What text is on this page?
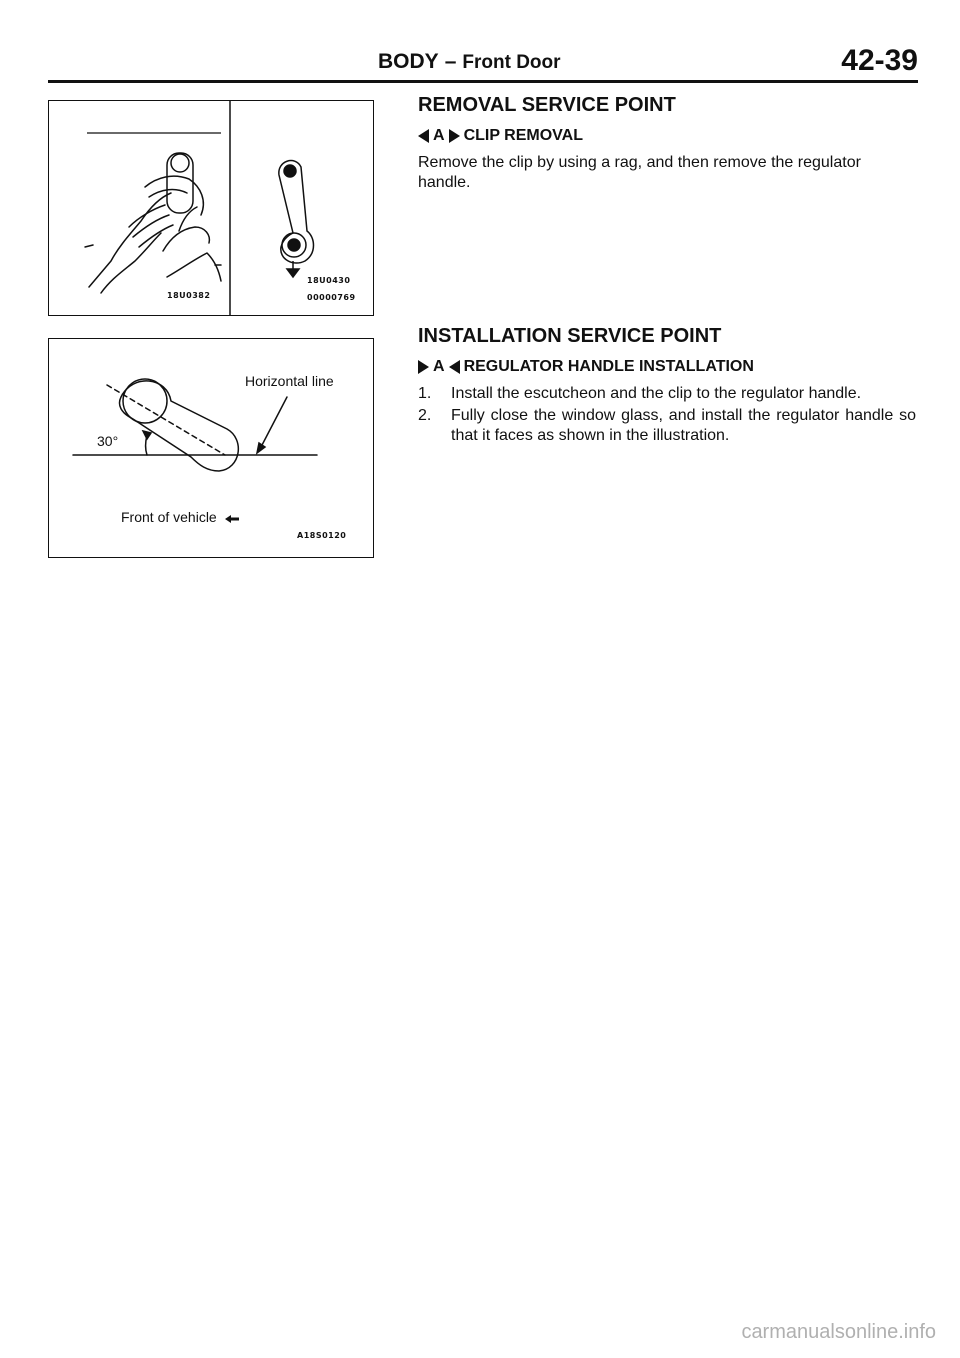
BODY – Front Door	42-39
18U0382
18U0430
00000769
Horizontal line
30°
Front of vehicle
A18S0120
REMOVAL SERVICE POINT
A CLIP REMOVAL

Remove the clip by using a rag, and then remove the regulator handle.

INSTALLATION SERVICE POINT
A REGULATOR HANDLE INSTALLATION
1.	Install the escutcheon and the clip to the regulator handle.
2.	Fully close the window glass, and install the regulator handle so that it faces as shown in the illustration.
carmanualsonline.info
